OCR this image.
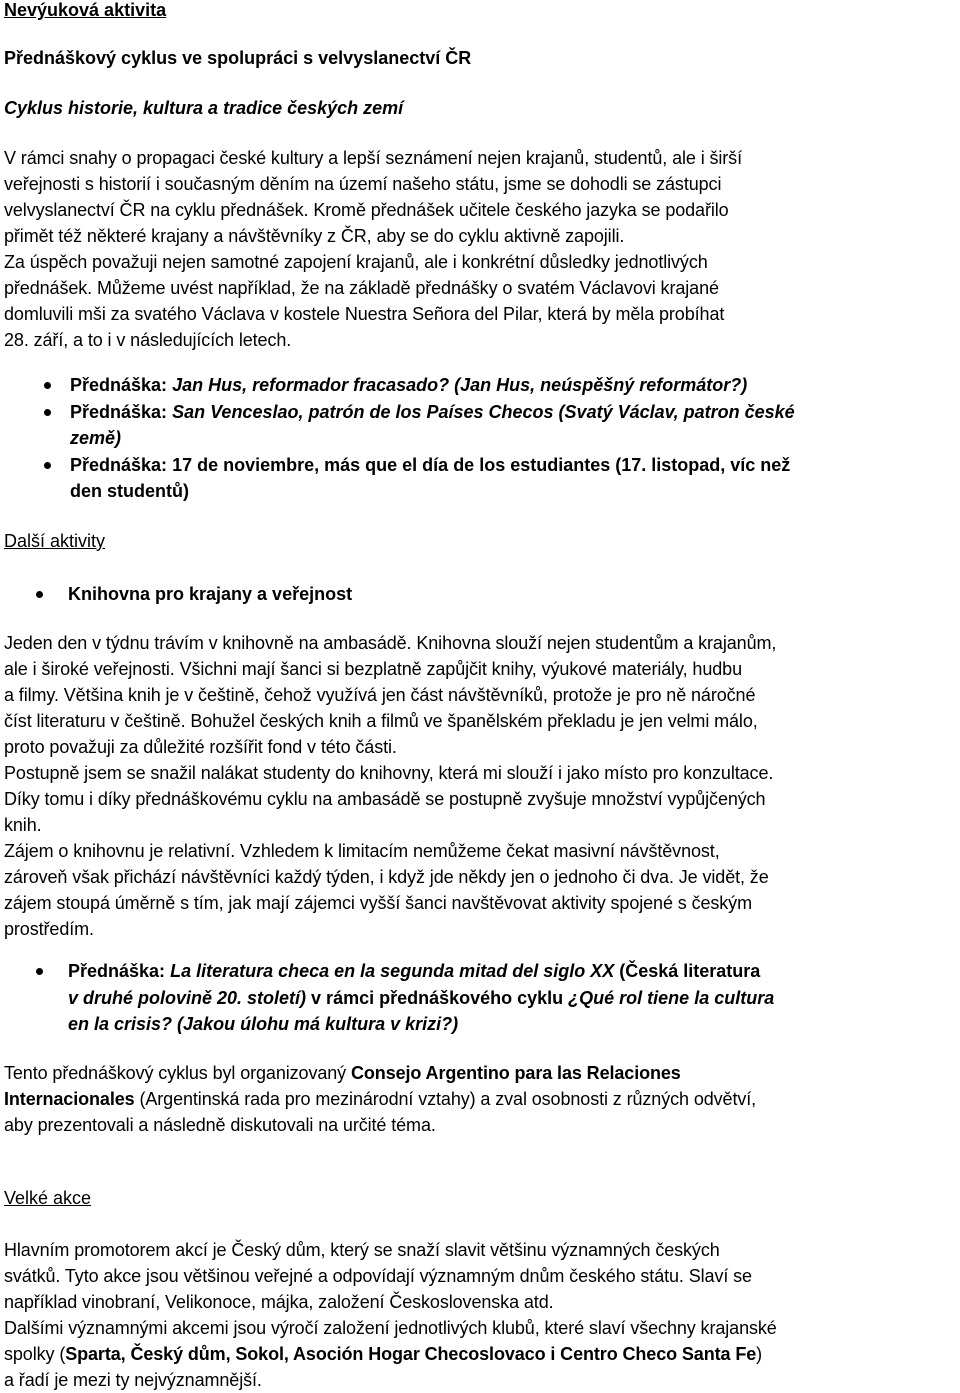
Nevýuková aktivita

Přednáškový cyklus ve spolupráci s velvyslanectví ČR

Cyklus historie, kultura a tradice českých zemí

V rámci snahy o propagaci české kultury a lepší seznámení nejen krajanů, studentů, ale i širší
veřejnosti s historií i současným děním na území našeho státu, jsme se dohodli se zástupci
velvyslanectví ČR na cyklu přednášek. Kromě přednášek učitele českého jazyka se podařilo
přimět též některé krajany a návštěvníky z ČR, aby se do cyklu aktivně zapojili.
Za úspěch považuji nejen samotné zapojení krajanů, ale i konkrétní důsledky jednotlivých
přednášek. Můžeme uvést například, že na základě přednášky o svatém Václavovi krajané
domluvili mši za svatého Václava v kostele Nuestra Señora del Pilar, která by měla probíhat
28. září, a to i v následujících letech.
Přednáška: Jan Hus, reformador fracasado? (Jan Hus, neúspěšný reformátor?)
Přednáška: San Venceslao, patrón de los Países Checos (Svatý Václav, patron české
země)
Přednáška: 17 de noviembre, más que el día de los estudiantes (17. listopad, víc než
den studentů)

Další aktivity

Knihovna pro krajany a veřejnost
Jeden den v týdnu trávím v knihovně na ambasádě. Knihovna slouží nejen studentům a krajanům,
ale i široké veřejnosti. Všichni mají šanci si bezplatně zapůjčit knihy, výukové materiály, hudbu
a filmy. Většina knih je v češtině, čehož využívá jen část návštěvníků, protože je pro ně náročné
číst literaturu v češtině. Bohužel českých knih a filmů ve španělském překladu je jen velmi málo,
proto považuji za důležité rozšířit fond v této části.
Postupně jsem se snažil nalákat studenty do knihovny, která mi slouží i jako místo pro konzultace.
Díky tomu i díky přednáškovému cyklu na ambasádě se postupně zvyšuje množství vypůjčených
knih.
Zájem o knihovnu je relativní. Vzhledem k limitacím nemůžeme čekat masivní návštěvnost,
zároveň však přichází návštěvníci každý týden, i když jde někdy jen o jednoho či dva. Je vidět, že
zájem stoupá úměrně s tím, jak mají zájemci vyšší šanci navštěvovat aktivity spojené s českým
prostředím.
Přednáška: La literatura checa en la segunda mitad del siglo XX (Česká literatura
v druhé polovině 20. století) v rámci přednáškového cyklu ¿Qué rol tiene la cultura
en la crisis? (Jakou úlohu má kultura v krizi?)
Tento přednáškový cyklus byl organizovaný Consejo Argentino para las Relaciones
Internacionales (Argentinská rada pro mezinárodní vztahy) a zval osobnosti z různých odvětví,
aby prezentovali a následně diskutovali na určité téma.

Velké akce

Hlavním promotorem akcí je Český dům, který se snaží slavit většinu významných českých
svátků. Tyto akce jsou většinou veřejné a odpovídají významným dnům českého státu. Slaví se
například vinobraní, Velikonoce, májka, založení Československa atd.
Dalšími významnými akcemi jsou výročí založení jednotlivých klubů, které slaví všechny krajanské
spolky (Sparta, Český dům, Sokol, Asoción Hogar Checoslovaco i Centro Checo Santa Fe)
a řadí je mezi ty nejvýznamnější.
